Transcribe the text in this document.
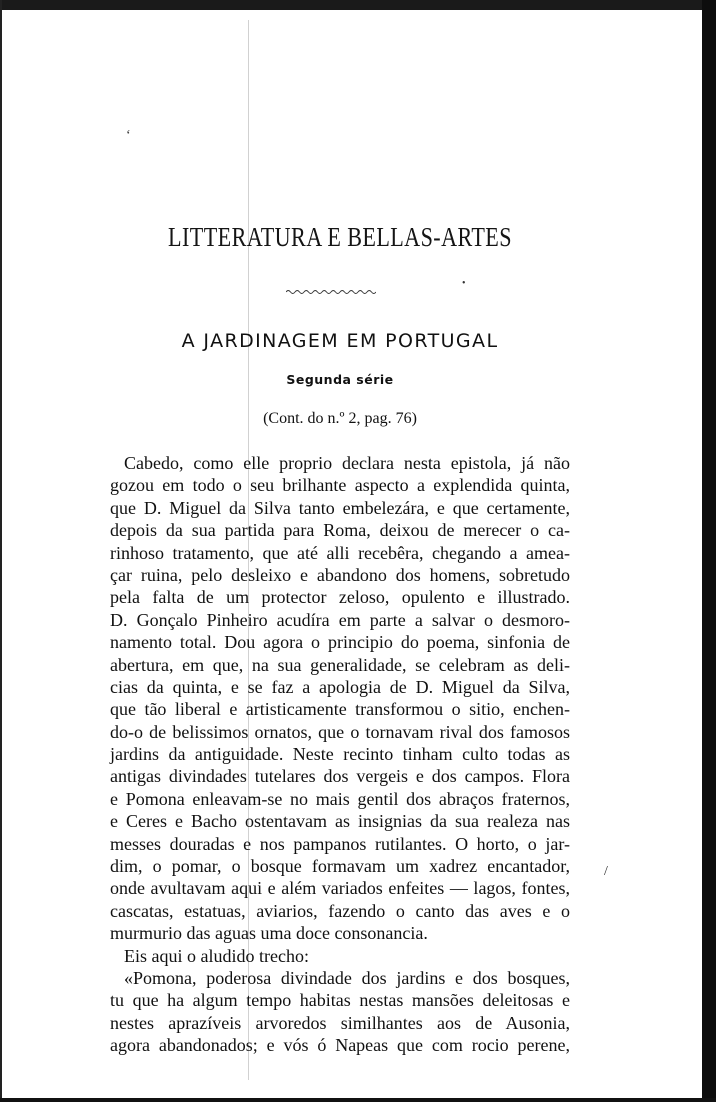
‘
•
/
LITTERATURA E BELLAS-ARTES
A JARDINAGEM EM PORTUGAL
Segunda série
(Cont. do n.º 2, pag. 76)
Cabedo, como elle proprio declara nesta epistola, já não
gozou em todo o seu brilhante aspecto a explendida quinta,
que D. Miguel da Silva tanto embelezára, e que certamente,
depois da sua partida para Roma, deixou de merecer o ca-
rinhoso tratamento, que até alli recebêra, chegando a amea-
çar ruina, pelo desleixo e abandono dos homens, sobretudo
pela falta de um protector zeloso, opulento e illustrado.
D. Gonçalo Pinheiro acudíra em parte a salvar o desmoro-
namento total. Dou agora o principio do poema, sinfonia de
abertura, em que, na sua generalidade, se celebram as deli-
cias da quinta, e se faz a apologia de D. Miguel da Silva,
que tão liberal e artisticamente transformou o sitio, enchen-
do-o de belissimos ornatos, que o tornavam rival dos famosos
jardins da antiguidade. Neste recinto tinham culto todas as
antigas divindades tutelares dos vergeis e dos campos. Flora
e Pomona enleavam-se no mais gentil dos abraços fraternos,
e Ceres e Bacho ostentavam as insignias da sua realeza nas
messes douradas e nos pampanos rutilantes. O horto, o jar-
dim, o pomar, o bosque formavam um xadrez encantador,
onde avultavam aqui e além variados enfeites — lagos, fontes,
cascatas, estatuas, aviarios, fazendo o canto das aves e o
murmurio das aguas uma doce consonancia.
Eis aqui o aludido trecho:
«Pomona, poderosa divindade dos jardins e dos bosques,
tu que ha algum tempo habitas nestas mansões deleitosas e
nestes aprazíveis arvoredos similhantes aos de Ausonia,
agora abandonados; e vós ó Napeas que com rocio perene,
